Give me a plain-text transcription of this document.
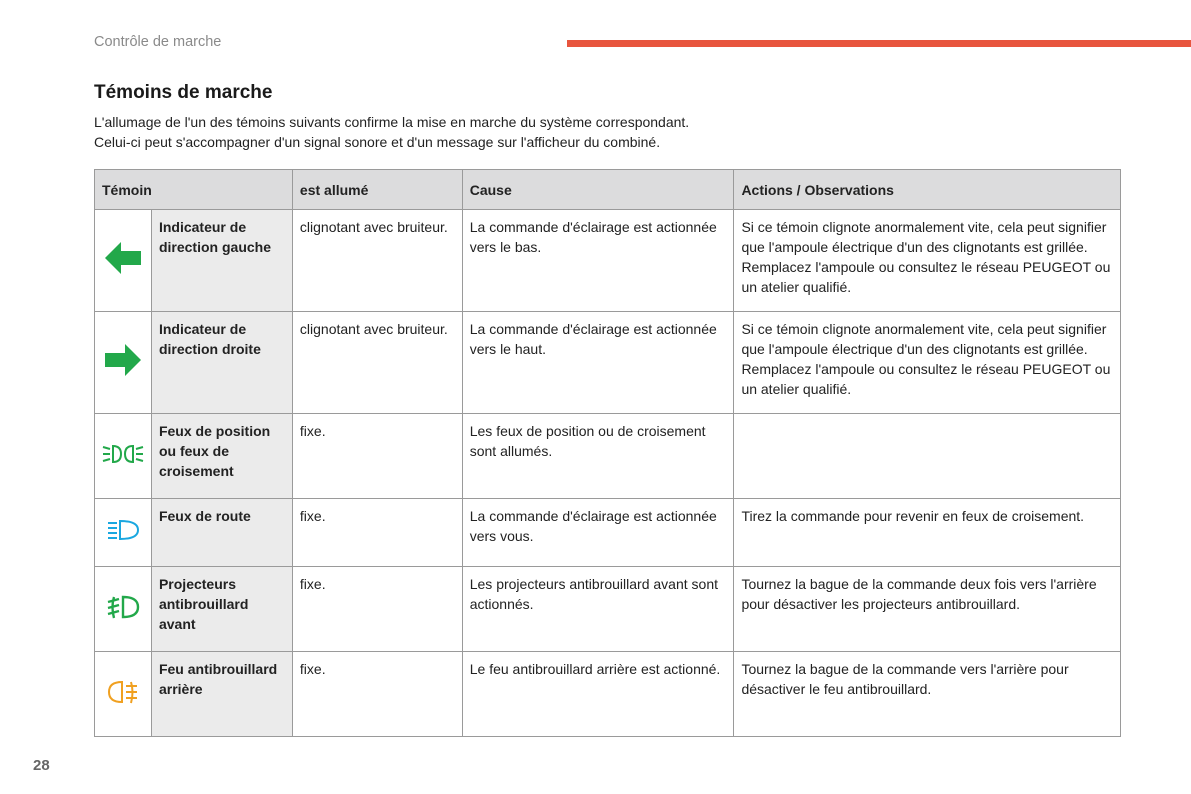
Contrôle de marche
Témoins de marche
L'allumage de l'un des témoins suivants confirme la mise en marche du système correspondant.
Celui-ci peut s'accompagner d'un signal sonore et d'un message sur l'afficheur du combiné.
Témoin		est allumé	Cause	Actions / Observations
	Indicateur de direction gauche	clignotant avec bruiteur.	La commande d'éclairage est actionnée vers le bas.	Si ce témoin clignote anormalement vite, cela peut signifier que l'ampoule électrique d'un des clignotants est grillée. Remplacez l'ampoule ou consultez le réseau PEUGEOT ou un atelier qualifié.
	Indicateur de direction droite	clignotant avec bruiteur.	La commande d'éclairage est actionnée vers le haut.	Si ce témoin clignote anormalement vite, cela peut signifier que l'ampoule électrique d'un des clignotants est grillée. Remplacez l'ampoule ou consultez le réseau PEUGEOT ou un atelier qualifié.
	Feux de position ou feux de croisement	fixe.	Les feux de position ou de croisement sont allumés.	
	Feux de route	fixe.	La commande d'éclairage est actionnée vers vous.	Tirez la commande pour revenir en feux de croisement.
	Projecteurs antibrouillard avant	fixe.	Les projecteurs antibrouillard avant sont actionnés.	Tournez la bague de la commande deux fois vers l'arrière pour désactiver les projecteurs antibrouillard.
	Feu antibrouillard arrière	fixe.	Le feu antibrouillard arrière est actionné.	Tournez la bague de la commande vers l'arrière pour désactiver le feu antibrouillard.
28
